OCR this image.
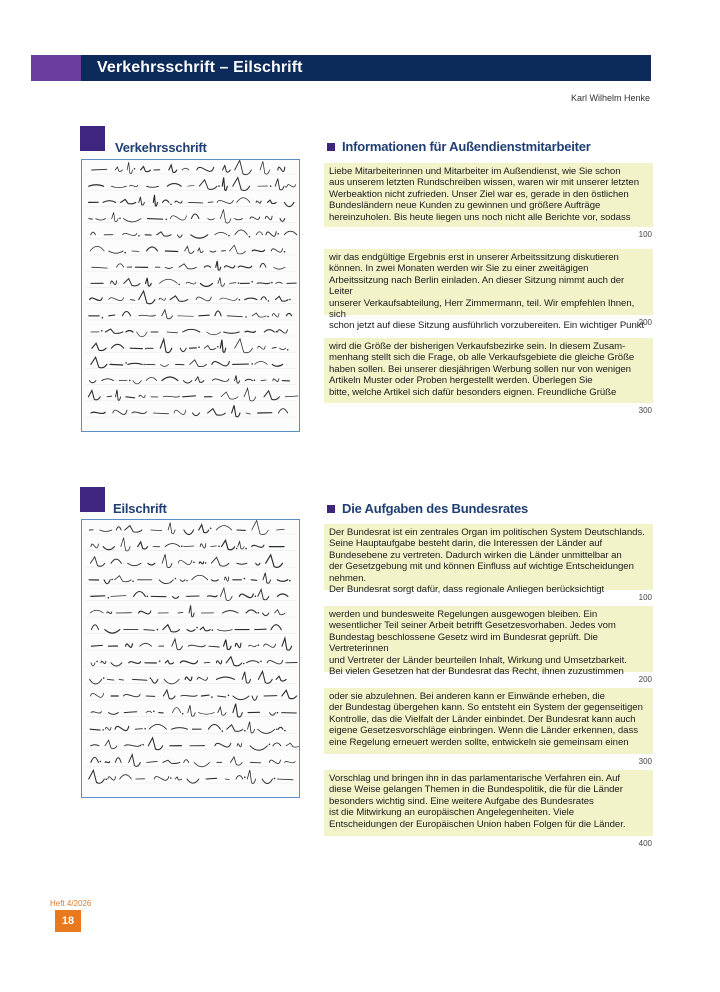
Verkehrsschrift – Eilschrift
Karl Wilhelm Henke
Verkehrsschrift	Informationen für Außendienstmitarbeiter
Liebe Mitarbeiterinnen und Mitarbeiter im Außendienst, wie Sie schon
aus unserem letzten Rundschreiben wissen, waren wir mit unserer letzten
Werbeaktion nicht zufrieden. Unser Ziel war es, gerade in den östlichen
Bundesländern neue Kunden zu gewinnen und größere Aufträge
hereinzuholen. Bis heute liegen uns noch nicht alle Berichte vor, sodass
100
wir das endgültige Ergebnis erst in unserer Arbeitssitzung diskutieren
können. In zwei Monaten werden wir Sie zu einer zweitägigen
Arbeitssitzung nach Berlin einladen. An dieser Sitzung nimmt auch der Leiter
unserer Verkaufsabteilung, Herr Zimmermann, teil. Wir empfehlen Ihnen, sich
schon jetzt auf diese Sitzung ausführlich vorzubereiten. Ein wichtiger Punkt
200
wird die Größe der bisherigen Verkaufsbezirke sein. In diesem Zusam-
menhang stellt sich die Frage, ob alle Verkaufsgebiete die gleiche Größe
haben sollen. Bei unserer diesjährigen Werbung sollen nur von wenigen
Artikeln Muster oder Proben hergestellt werden. Überlegen Sie
bitte, welche Artikel sich dafür besonders eignen. Freundliche Grüße
300
Eilschrift	Die Aufgaben des Bundesrates
Der Bundesrat ist ein zentrales Organ im politischen System Deutschlands.
Seine Hauptaufgabe besteht darin, die Interessen der Länder auf
Bundesebene zu vertreten. Dadurch wirken die Länder unmittelbar an
der Gesetzgebung mit und können Einfluss auf wichtige Entscheidungen nehmen.
Der Bundesrat sorgt dafür, dass regionale Anliegen berücksichtigt
100
werden und bundesweite Regelungen ausgewogen bleiben. Ein
wesentlicher Teil seiner Arbeit betrifft Gesetzesvorhaben. Jedes vom
Bundestag beschlossene Gesetz wird im Bundesrat geprüft. Die Vertreterinnen
und Vertreter der Länder beurteilen Inhalt, Wirkung und Umsetzbarkeit.
Bei vielen Gesetzen hat der Bundesrat das Recht, ihnen zuzustimmen
200
oder sie abzulehnen. Bei anderen kann er Einwände erheben, die
der Bundestag übergehen kann. So entsteht ein System der gegenseitigen
Kontrolle, das die Vielfalt der Länder einbindet. Der Bundesrat kann auch
eigene Gesetzesvorschläge einbringen. Wenn die Länder erkennen, dass
eine Regelung erneuert werden sollte, entwickeln sie gemeinsam einen
300
Vorschlag und bringen ihn in das parlamentarische Verfahren ein. Auf
diese Weise gelangen Themen in die Bundespolitik, die für die Länder
besonders wichtig sind. Eine weitere Aufgabe des Bundesrates
ist die Mitwirkung an europäischen Angelegenheiten. Viele
Entscheidungen der Europäischen Union haben Folgen für die Länder.
400
Heft 4/2026
18
